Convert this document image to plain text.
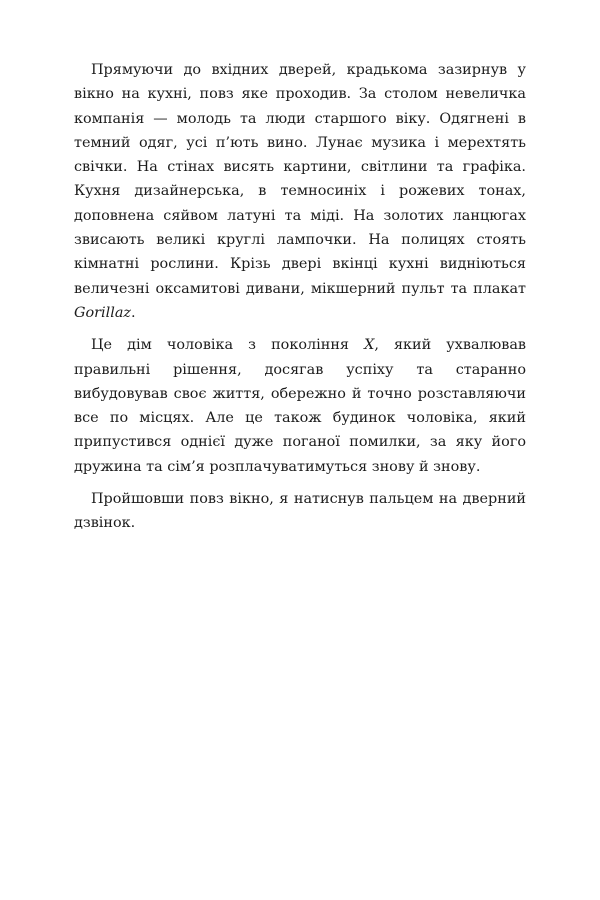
Прямуючи до вхідних дверей, крадькома зазирнув у вікно на кухні, повз яке проходив. За столом невеличка компанія — молодь та люди старшого віку. Одягнені в темний одяг, усі п’ють вино. Лунає музика і мерехтять свічки. На стінах висять картини, світлини та графіка. Кухня дизайнерська, в темносиніх і рожевих тонах, доповнена сяйвом латуні та міді. На золотих ланцюгах звисають великі круглі лампочки. На полицях стоять кімнатні рослини. Крізь двері вкінці кухні видніються величезні оксамитові дивани, мікшерний пульт та плакат Gorillaz.

Це дім чоловіка з покоління X, який ухвалював правильні рішення, досягав успіху та старанно вибудовував своє життя, обережно й точно розставляючи все по місцях. Але це також будинок чоловіка, який припустився однієї дуже поганої помилки, за яку його дружина та сім’я розплачуватимуться знову й знову.

Пройшовши повз вікно, я натиснув пальцем на дверний дзвінок.
